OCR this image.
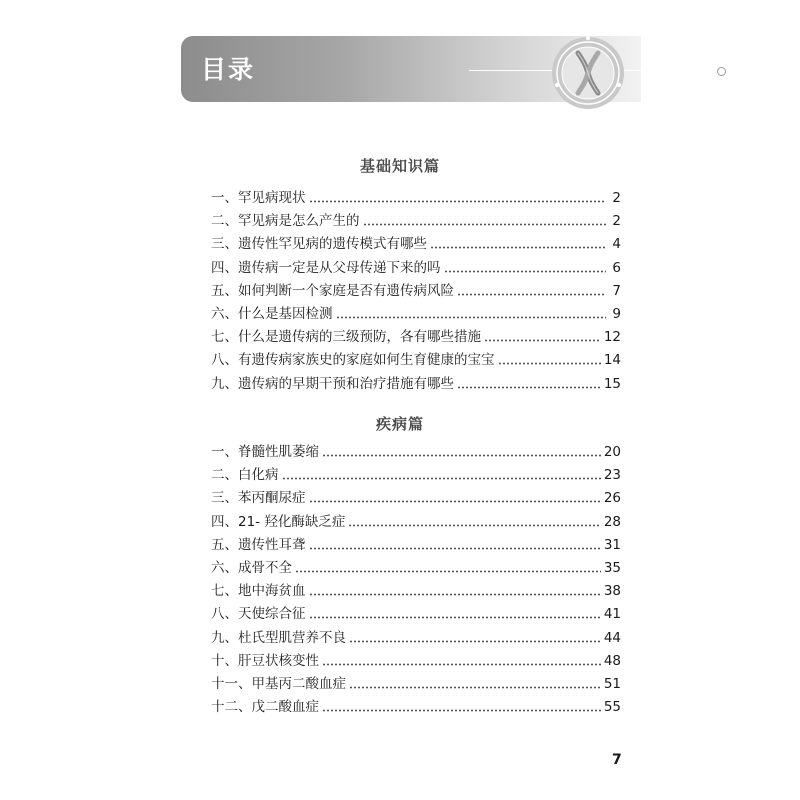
目录
基础知识篇
一、罕见病现状	2
二、罕见病是怎么产生的	2
三、遗传性罕见病的遗传模式有哪些	4
四、遗传病一定是从父母传递下来的吗	6
五、如何判断一个家庭是否有遗传病风险	7
六、什么是基因检测	9
七、什么是遗传病的三级预防，各有哪些措施	12
八、有遗传病家族史的家庭如何生育健康的宝宝	14
九、遗传病的早期干预和治疗措施有哪些	15
疾病篇
一、脊髓性肌萎缩	20
二、白化病	23
三、苯丙酮尿症	26
四、21- 羟化酶缺乏症	28
五、遗传性耳聋	31
六、成骨不全	35
七、地中海贫血	38
八、天使综合征	41
九、杜氏型肌营养不良	44
十、肝豆状核变性	48
十一、甲基丙二酸血症	51
十二、戊二酸血症	55
7
